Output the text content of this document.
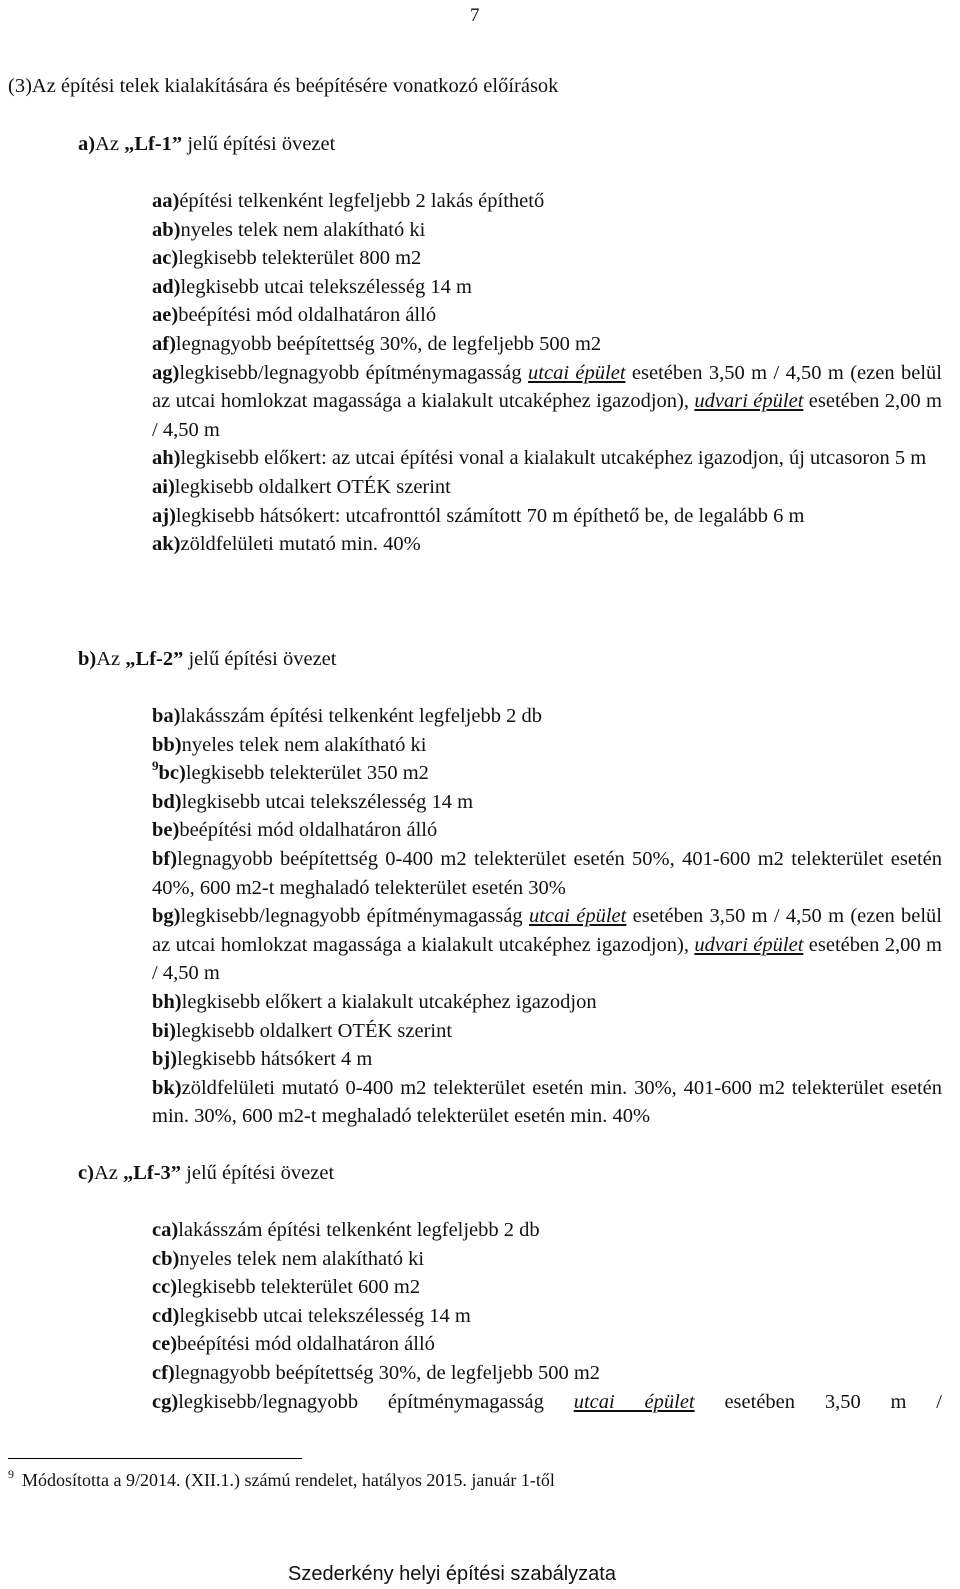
7
(3)Az építési telek kialakítására és beépítésére vonatkozó előírások
a)Az „Lf-1” jelű építési övezet

aa)építési telkenként legfeljebb 2 lakás építhető

ab)nyeles telek nem alakítható ki

ac)legkisebb telekterület 800 m2

ad)legkisebb utcai telekszélesség 14 m

ae)beépítési mód oldalhatáron álló

af)legnagyobb beépítettség 30%, de legfeljebb 500 m2

ag)legkisebb/legnagyobb építménymagasság utcai épület esetében 3,50 m / 4,50 m (ezen belül az utcai homlokzat magassága a kialakult utcaképhez igazodjon), udvari épület esetében 2,00 m / 4,50 m

ah)legkisebb előkert: az utcai építési vonal a kialakult utcaképhez igazodjon, új utcasoron 5 m

ai)legkisebb oldalkert OTÉK szerint

aj)legkisebb hátsókert: utcafronttól számított 70 m építhető be, de legalább 6 m

ak)zöldfelületi mutató min. 40%

b)Az „Lf-2” jelű építési övezet

ba)lakásszám építési telkenként legfeljebb 2 db

bb)nyeles telek nem alakítható ki

$^9$bc)legkisebb telekterület 350 m2

bd)legkisebb utcai telekszélesség 14 m

be)beépítési mód oldalhatáron álló

bf)legnagyobb beépítettség 0-400 m2 telekterület esetén 50%, 401-600 m2 telekterület esetén 40%, 600 m2-t meghaladó telekterület esetén 30%

bg)legkisebb/legnagyobb építménymagasság utcai épület esetében 3,50 m / 4,50 m (ezen belül az utcai homlokzat magassága a kialakult utcaképhez igazodjon), udvari épület esetében 2,00 m / 4,50 m

bh)legkisebb előkert a kialakult utcaképhez igazodjon

bi)legkisebb oldalkert OTÉK szerint

bj)legkisebb hátsókert 4 m

bk)zöldfelületi mutató 0-400 m2 telekterület esetén min. 30%, 401-600 m2 telekterület esetén min. 30%, 600 m2-t meghaladó telekterület esetén min. 40%

c)Az „Lf-3” jelű építési övezet

ca)lakásszám építési telkenként legfeljebb 2 db

cb)nyeles telek nem alakítható ki

cc)legkisebb telekterület 600 m2

cd)legkisebb utcai telekszélesség 14 m

ce)beépítési mód oldalhatáron álló

cf)legnagyobb beépítettség 30%, de legfeljebb 500 m2

cg)legkisebb/legnagyobb építménymagasság utcai épület esetében 3,50 m /

$^9$ Módosította a 9/2014. (XII.1.) számú rendelet, hatályos 2015. január 1-től
Szederkény helyi építési szabályzata
